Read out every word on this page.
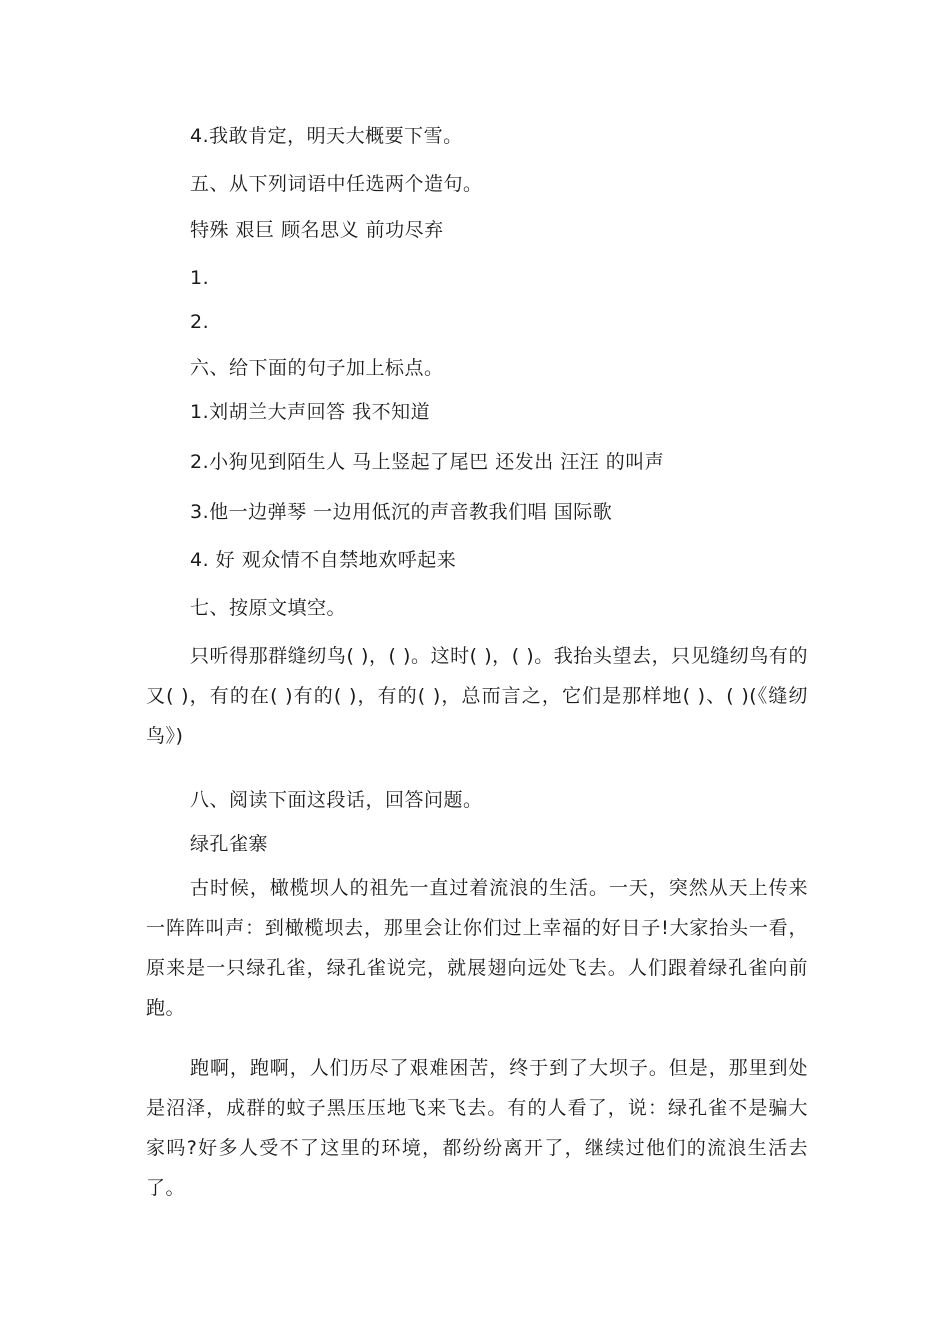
4.我敢肯定，明天大概要下雪。
五、从下列词语中任选两个造句。
特殊 艰巨 顾名思义 前功尽弃
1.
2.
六、给下面的句子加上标点。
1.刘胡兰大声回答 我不知道
2.小狗见到陌生人 马上竖起了尾巴 还发出 汪汪 的叫声
3.他一边弹琴 一边用低沉的声音教我们唱 国际歌
4. 好 观众情不自禁地欢呼起来
七、按原文填空。
只听得那群缝纫鸟( )，( )。这时( )，( )。我抬头望去，只见缝纫鸟有的又( )，有的在( )有的( )，有的( )，总而言之，它们是那样地( )、( )(《缝纫鸟》)
八、阅读下面这段话，回答问题。
绿孔雀寨
古时候，橄榄坝人的祖先一直过着流浪的生活。一天，突然从天上传来一阵阵叫声：到橄榄坝去，那里会让你们过上幸福的好日子!大家抬头一看，原来是一只绿孔雀，绿孔雀说完，就展翅向远处飞去。人们跟着绿孔雀向前跑。
跑啊，跑啊，人们历尽了艰难困苦，终于到了大坝子。但是，那里到处是沼泽，成群的蚊子黑压压地飞来飞去。有的人看了，说：绿孔雀不是骗大家吗?好多人受不了这里的环境，都纷纷离开了，继续过他们的流浪生活去了。
